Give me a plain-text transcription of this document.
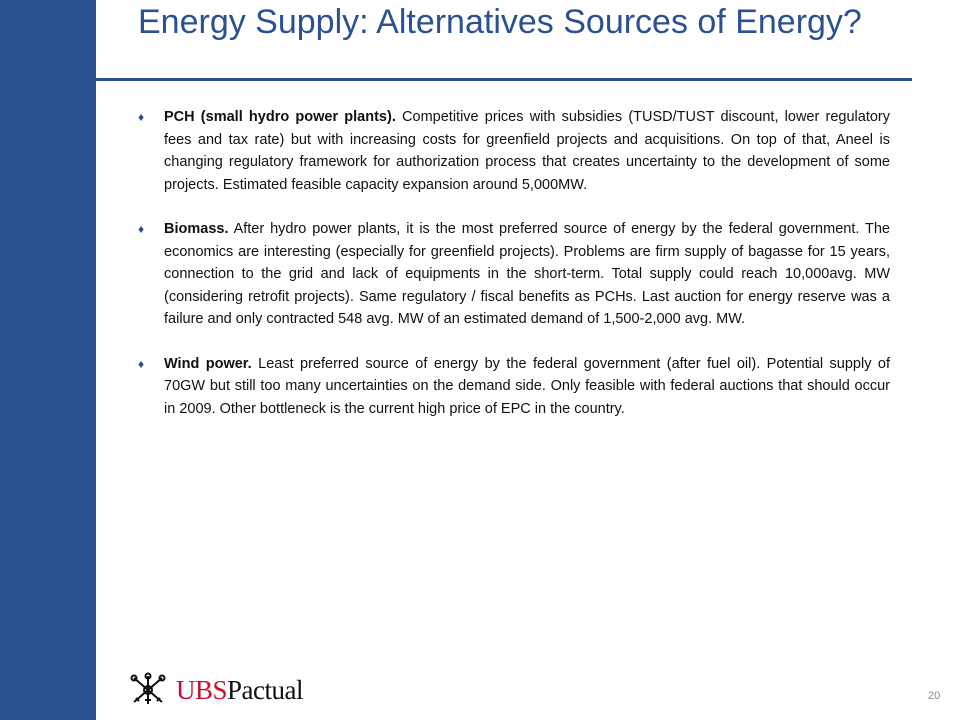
Energy Supply: Alternatives Sources of Energy?
♦ PCH (small hydro power plants). Competitive prices with subsidies (TUSD/TUST discount, lower regulatory fees and tax rate) but with increasing costs for greenfield projects and acquisitions. On top of that, Aneel is changing regulatory framework for authorization process that creates uncertainty to the development of some projects. Estimated feasible capacity expansion around 5,000MW.
♦ Biomass. After hydro power plants, it is the most preferred source of energy by the federal government. The economics are interesting (especially for greenfield projects). Problems are firm supply of bagasse for 15 years, connection to the grid and lack of equipments in the short-term. Total supply could reach 10,000avg. MW (considering retrofit projects). Same regulatory / fiscal benefits as PCHs. Last auction for energy reserve was a failure and only contracted 548 avg. MW of an estimated demand of 1,500-2,000 avg. MW.
♦ Wind power. Least preferred source of energy by the federal government (after fuel oil). Potential supply of 70GW but still too many uncertainties on the demand side. Only feasible with federal auctions that should occur in 2009. Other bottleneck is the current high price of EPC in the country.
UBSPactual	20
